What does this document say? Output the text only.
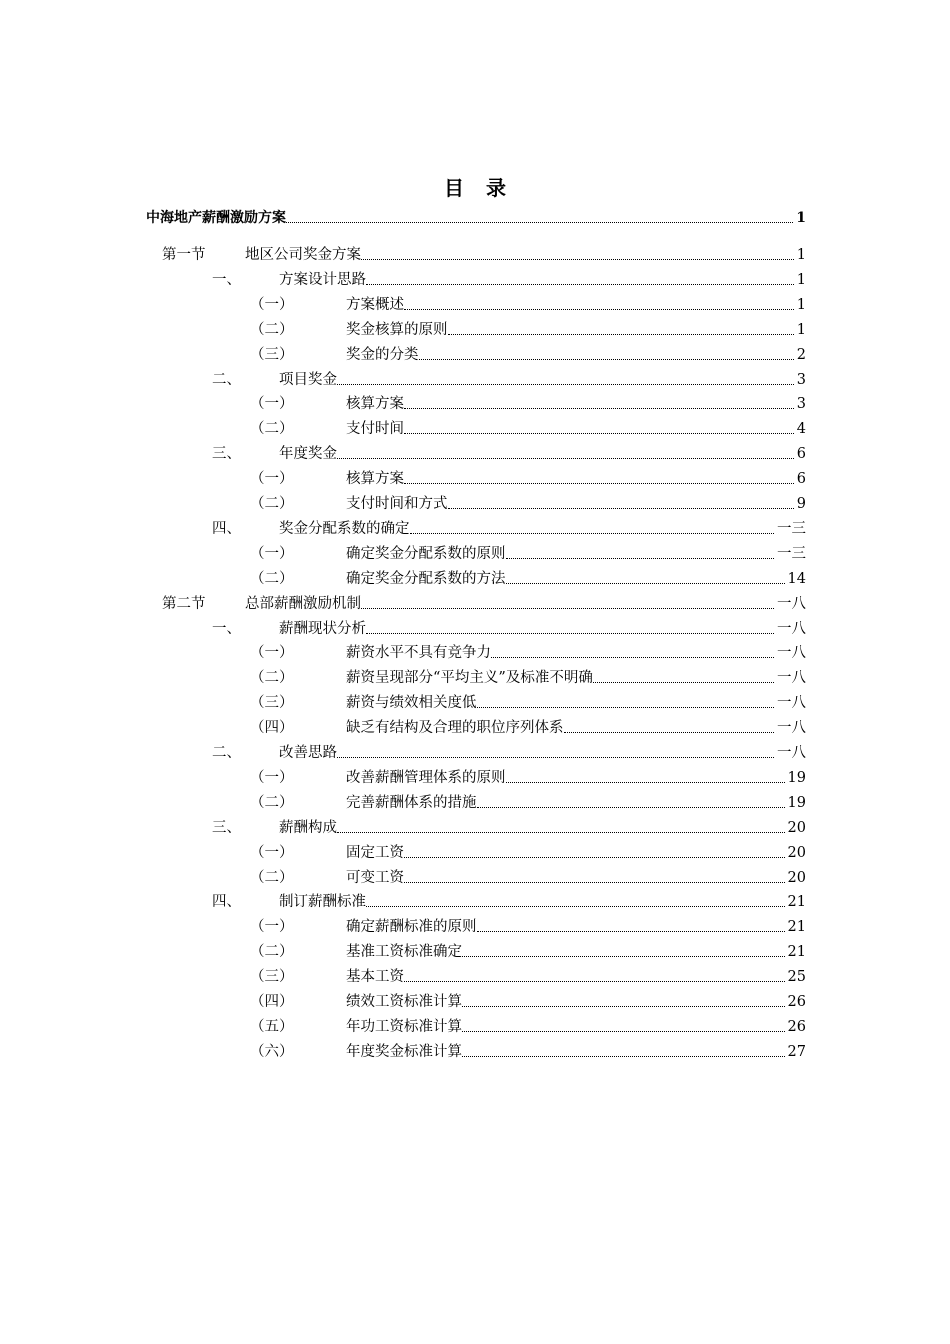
目 录
中海地产薪酬激励方案	1
第一节	地区公司奖金方案	1
一、	方案设计思路	1
（一）	方案概述	1
（二）	奖金核算的原则	1
（三）	奖金的分类	2
二、	项目奖金	3
（一）	核算方案	3
（二）	支付时间	4
三、	年度奖金	6
（一）	核算方案	6
（二）	支付时间和方式	9
四、	奖金分配系数的确定	一三
（一）	确定奖金分配系数的原则	一三
（二）	确定奖金分配系数的方法	14
第二节	总部薪酬激励机制	一八
一、	薪酬现状分析	一八
（一）	薪资水平不具有竞争力	一八
（二）	薪资呈现部分“平均主义”及标准不明确	一八
（三）	薪资与绩效相关度低	一八
（四）	缺乏有结构及合理的职位序列体系	一八
二、	改善思路	一八
（一）	改善薪酬管理体系的原则	19
（二）	完善薪酬体系的措施	19
三、	薪酬构成	20
（一）	固定工资	20
（二）	可变工资	20
四、	制订薪酬标准	21
（一）	确定薪酬标准的原则	21
（二）	基准工资标准确定	21
（三）	基本工资	25
（四）	绩效工资标准计算	26
（五）	年功工资标准计算	26
（六）	年度奖金标准计算	27
